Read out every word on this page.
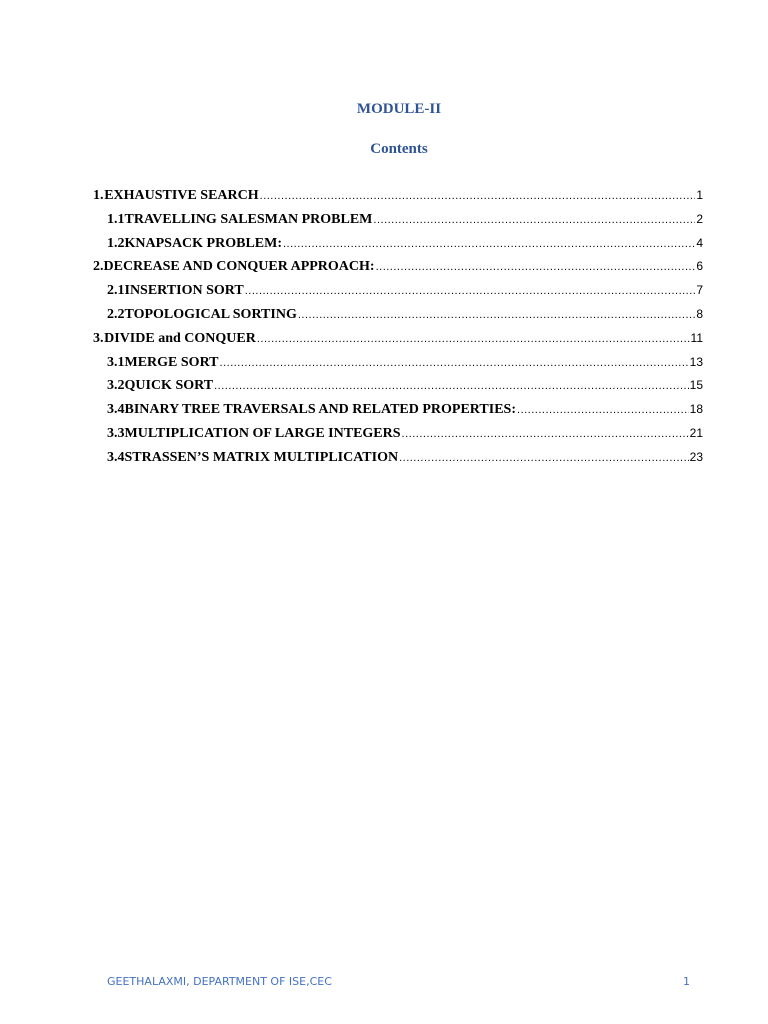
MODULE-II
Contents
1. EXHAUSTIVE SEARCH .....	1
1.1 TRAVELLING SALESMAN PROBLEM .....	2
1.2 KNAPSACK PROBLEM: .....	4
2. DECREASE AND CONQUER APPROACH: .....	6
2.1 INSERTION SORT .....	7
2.2 TOPOLOGICAL SORTING .....	8
3. DIVIDE and CONQUER .....	11
3.1 MERGE SORT .....	13
3.2 QUICK SORT .....	15
3.4 BINARY TREE TRAVERSALS AND RELATED PROPERTIES: .....	18
3.3 MULTIPLICATION OF LARGE INTEGERS .....	21
3.4 STRASSEN’S MATRIX MULTIPLICATION .....	23
GEETHALAXMI, DEPARTMENT OF ISE,CEC	1
